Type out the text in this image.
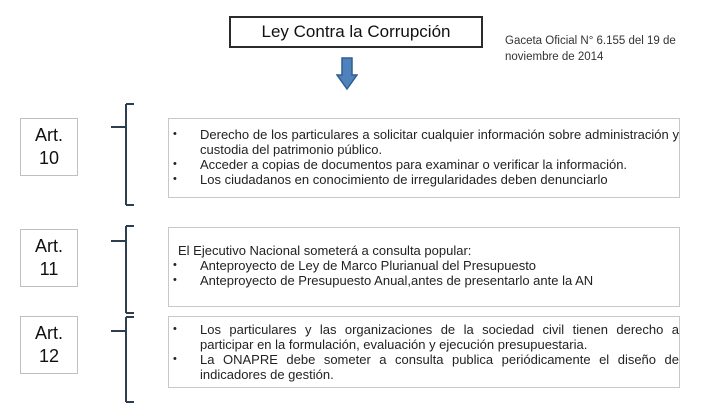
Ley Contra la Corrupción	Gaceta Oficial N° 6.155 del 19 de noviembre de 2014
Art.
10
• Derecho de los particulares a solicitar cualquier información sobre administración y custodia del patrimonio público.
• Acceder a copias de documentos para examinar o verificar la información.
• Los ciudadanos en conocimiento de irregularidades deben denunciarlo
Art.
11
El Ejecutivo Nacional someterá a consulta popular:
• Anteproyecto de Ley de Marco Plurianual del Presupuesto
• Anteproyecto de Presupuesto Anual,antes de presentarlo ante la AN
Art.
12
• Los particulares y las organizaciones de la sociedad civil tienen derecho a participar en la formulación, evaluación y ejecución presupuestaria.
• La ONAPRE debe someter a consulta publica periódicamente el diseño de indicadores de gestión.
